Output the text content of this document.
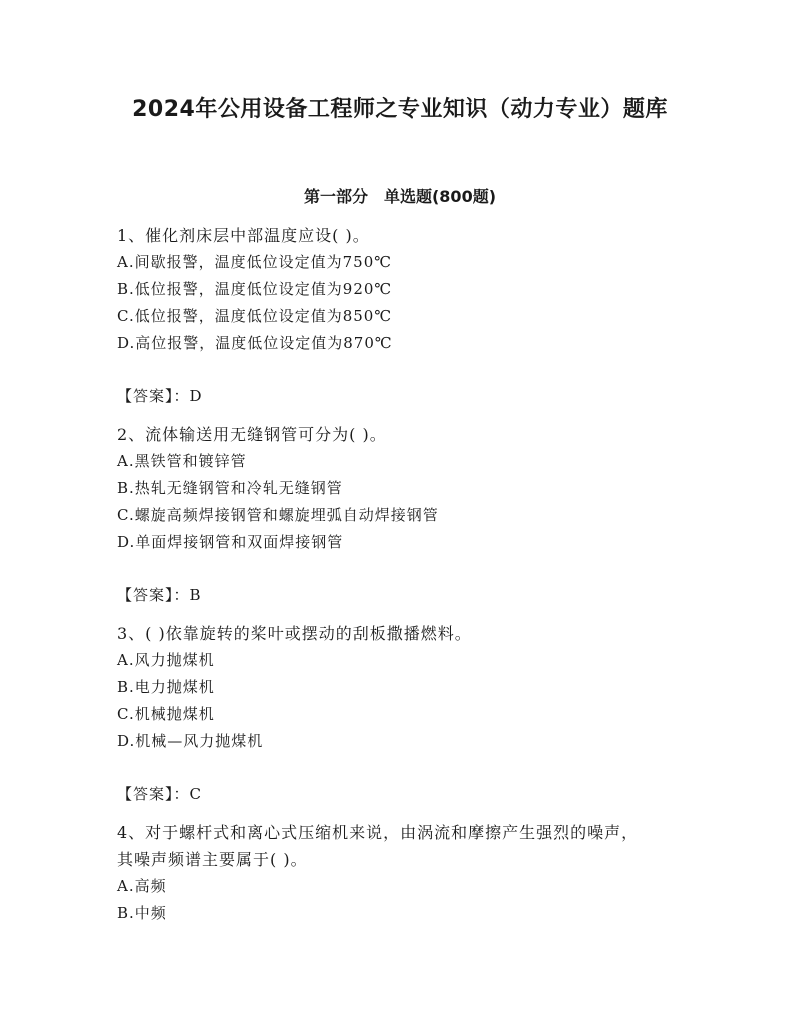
2024年公用设备工程师之专业知识（动力专业）题库
第一部分　单选题(800题)
1、催化剂床层中部温度应设( )。
A.间歇报警，温度低位设定值为750℃
B.低位报警，温度低位设定值为920℃
C.低位报警，温度低位设定值为850℃
D.高位报警，温度低位设定值为870℃
【答案】：D
2、流体输送用无缝钢管可分为( )。
A.黑铁管和镀锌管
B.热轧无缝钢管和冷轧无缝钢管
C.螺旋高频焊接钢管和螺旋埋弧自动焊接钢管
D.单面焊接钢管和双面焊接钢管
【答案】：B
3、( )依靠旋转的桨叶或摆动的刮板撒播燃料。
A.风力抛煤机
B.电力抛煤机
C.机械抛煤机
D.机械—风力抛煤机
【答案】：C
4、对于螺杆式和离心式压缩机来说，由涡流和摩擦产生强烈的噪声，
其噪声频谱主要属于( )。
A.高频
B.中频
